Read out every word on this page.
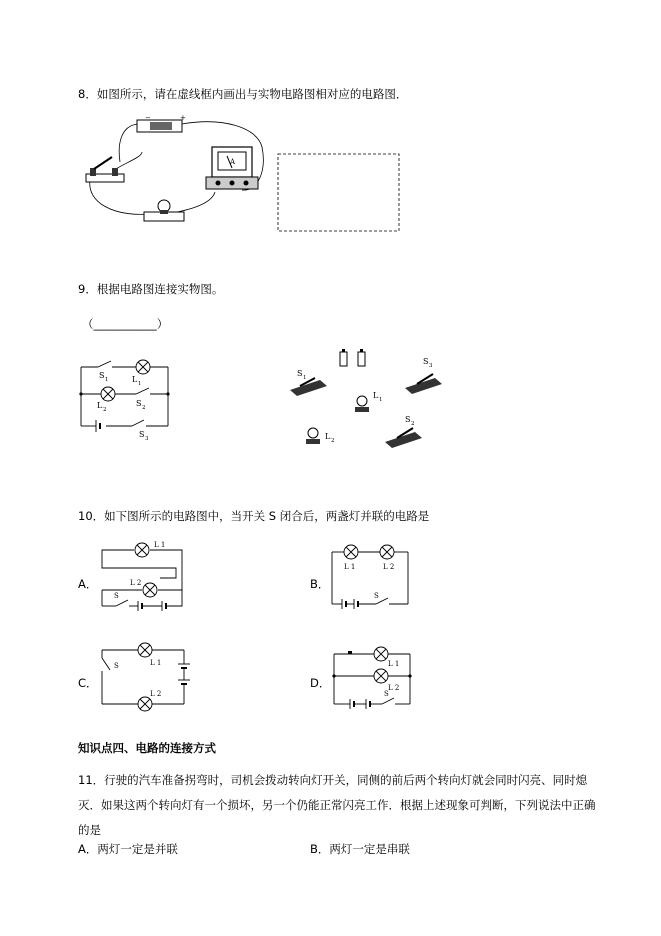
8．如图所示，请在虚线框内画出与实物电路图相对应的电路图．
−	+
A
9．根据电路图连接实物图。
（___________）
S 1	L 1
L 2
S 2
S 3
S 1
S 3
L 1
L 2
S 2
10．如下图所示的电路图中，当开关 S 闭合后，两盏灯并联的电路是
A．
L 1
L 2
S
B．
L 1	L 2
S
C．
L 1
L 2
S
D．
L 1
L 2
S
知识点四、电路的连接方式
11．行驶的汽车准备拐弯时，司机会拨动转向灯开关，同侧的前后两个转向灯就会同时闪亮、同时熄灭．如果这两个转向灯有一个损坏，另一个仍能正常闪亮工作．根据上述现象可判断，下列说法中正确的是
A．两灯一定是并联	B．两灯一定是串联
